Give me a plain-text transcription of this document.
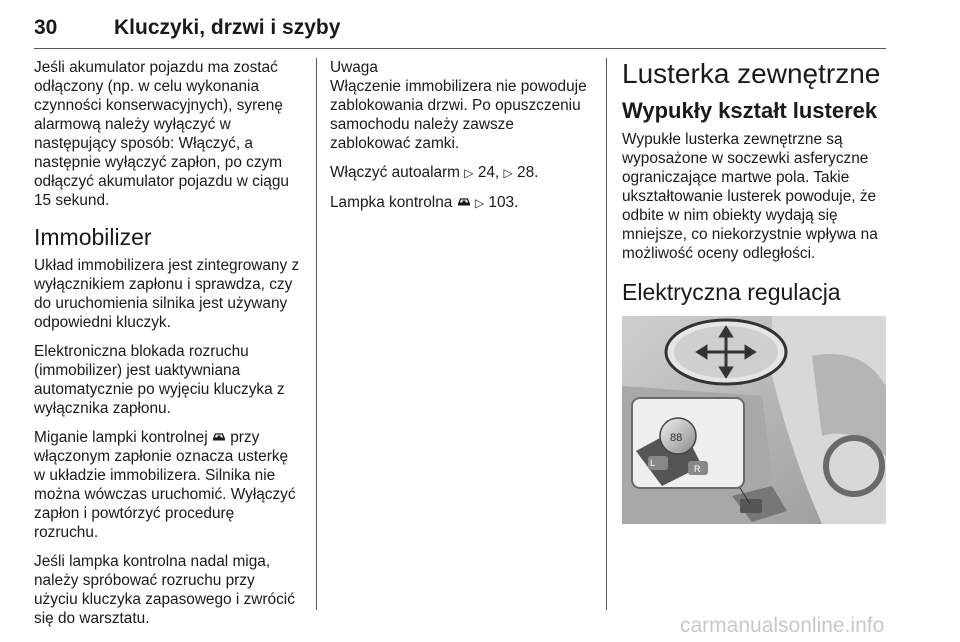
30	Kluczyki, drzwi i szyby

Jeśli akumulator pojazdu ma zostać odłączony (np. w celu wykonania czynności konserwacyjnych), syrenę alarmową należy wyłączyć w następujący sposób: Włączyć, a następnie wyłączyć zapłon, po czym odłączyć akumulator pojazdu w ciągu 15 sekund.

Immobilizer

Układ immobilizera jest zintegrowany z wyłącznikiem zapłonu i sprawdza, czy do uruchomienia silnika jest używany odpowiedni kluczyk.

Elektroniczna blokada rozruchu (immobilizer) jest uaktywniana automatycznie po wyjęciu kluczyka z wyłącznika zapłonu.

Miganie lampki kontrolnej przy włączonym zapłonie oznacza usterkę w układzie immobilizera. Silnika nie można wówczas uruchomić. Wyłączyć zapłon i powtórzyć procedurę rozruchu.

Jeśli lampka kontrolna nadal miga, należy spróbować rozruchu przy użyciu kluczyka zapasowego i zwrócić się do warsztatu.

Uwaga

Włączenie immobilizera nie powoduje zablokowania drzwi. Po opuszczeniu samochodu należy zawsze zablokować zamki.

Włączyć autoalarm ▷ 24, ▷ 28.

Lampka kontrolna ▷ 103.

Lusterka zewnętrzne
Wypukły kształt lusterek

Wypukłe lusterka zewnętrzne są wyposażone w soczewki asferyczne ograniczające martwe pola. Takie ukształtowanie lusterek powoduje, że odbite w nim obiekty wydają się mniejsze, co niekorzystnie wpływa na możliwość oceny odległości.

Elektryczna regulacja
88
L
R
carmanualsonline.info
